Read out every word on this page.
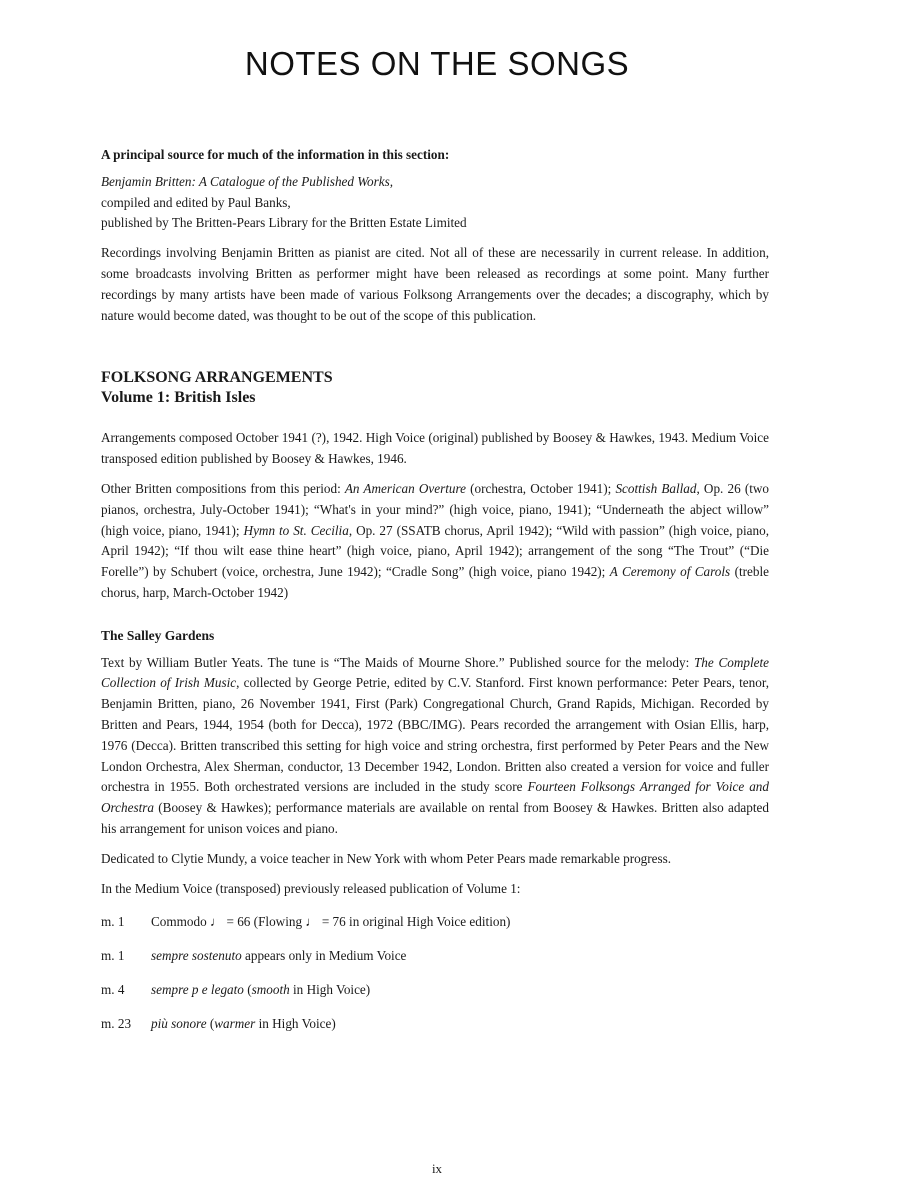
NOTES ON THE SONGS

A principal source for much of the information in this section:

Benjamin Britten: A Catalogue of the Published Works,

compiled and edited by Paul Banks,

published by The Britten-Pears Library for the Britten Estate Limited

Recordings involving Benjamin Britten as pianist are cited. Not all of these are necessarily in current release. In addition, some broadcasts involving Britten as performer might have been released as recordings at some point. Many further recordings by many artists have been made of various Folksong Arrangements over the decades; a discography, which by nature would become dated, was thought to be out of the scope of this publication.

FOLKSONG ARRANGEMENTS
Volume 1: British Isles

Arrangements composed October 1941 (?), 1942. High Voice (original) published by Boosey & Hawkes, 1943. Medium Voice transposed edition published by Boosey & Hawkes, 1946.

Other Britten compositions from this period: An American Overture (orchestra, October 1941); Scottish Ballad, Op. 26 (two pianos, orchestra, July-October 1941); “What's in your mind?” (high voice, piano, 1941); “Underneath the abject willow” (high voice, piano, 1941); Hymn to St. Cecilia, Op. 27 (SSATB chorus, April 1942); “Wild with passion” (high voice, piano, April 1942); “If thou wilt ease thine heart” (high voice, piano, April 1942); arrangement of the song “The Trout” (“Die Forelle”) by Schubert (voice, orchestra, June 1942); “Cradle Song” (high voice, piano 1942); A Ceremony of Carols (treble chorus, harp, March-October 1942)

The Salley Gardens

Text by William Butler Yeats. The tune is “The Maids of Mourne Shore.” Published source for the melody: The Complete Collection of Irish Music, collected by George Petrie, edited by C.V. Stanford. First known performance: Peter Pears, tenor, Benjamin Britten, piano, 26 November 1941, First (Park) Congregational Church, Grand Rapids, Michigan. Recorded by Britten and Pears, 1944, 1954 (both for Decca), 1972 (BBC/IMG). Pears recorded the arrangement with Osian Ellis, harp, 1976 (Decca). Britten transcribed this setting for high voice and string orchestra, first performed by Peter Pears and the New London Orchestra, Alex Sherman, conductor, 13 December 1942, London. Britten also created a version for voice and fuller orchestra in 1955. Both orchestrated versions are included in the study score Fourteen Folksongs Arranged for Voice and Orchestra (Boosey & Hawkes); performance materials are available on rental from Boosey & Hawkes. Britten also adapted his arrangement for unison voices and piano.

Dedicated to Clytie Mundy, a voice teacher in New York with whom Peter Pears made remarkable progress.

In the Medium Voice (transposed) previously released publication of Volume 1:

m. 1	Commodo ♩ = 66 (Flowing ♩ = 76 in original High Voice edition)
m. 1	sempre sostenuto appears only in Medium Voice
m. 4	sempre p e legato (smooth in High Voice)
m. 23	più sonore (warmer in High Voice)
ix
